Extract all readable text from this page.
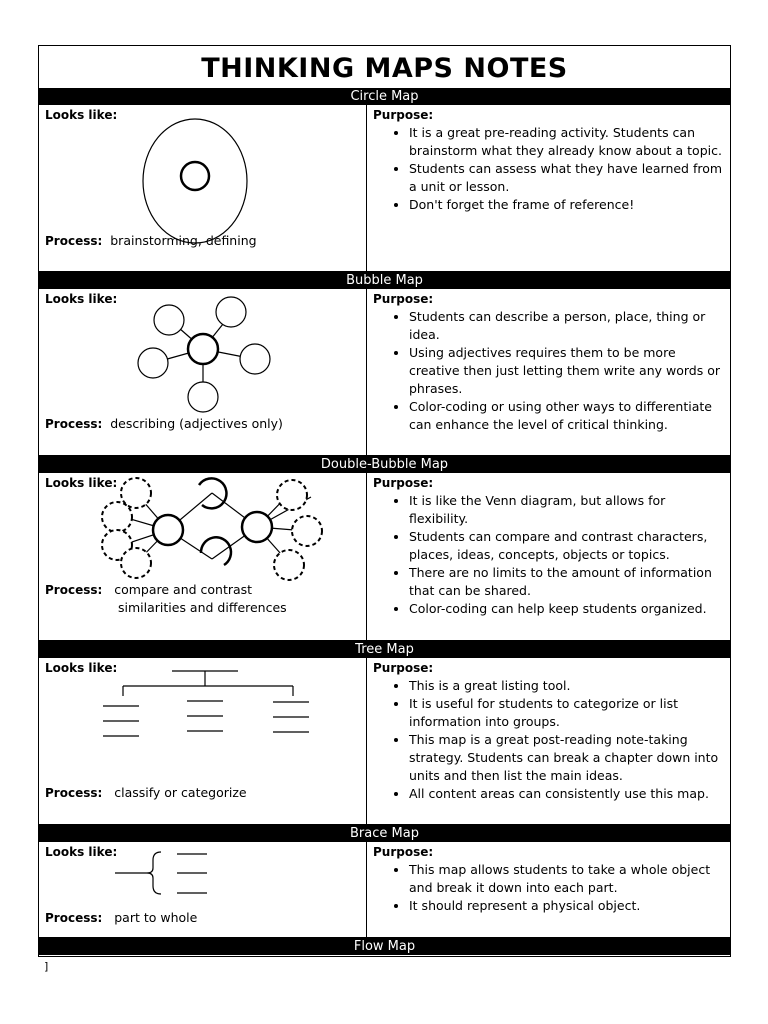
THINKING MAPS NOTES
Circle Map
Looks like:
Process: brainstorming, defining
Purpose:
• It is a great pre-reading activity. Students can brainstorm what they already know about a topic.
• Students can assess what they have learned from a unit or lesson.
• Don't forget the frame of reference!
Bubble Map
Looks like:
Process: describing (adjectives only)
Purpose:
• Students can describe a person, place, thing or idea.
• Using adjectives requires them to be more creative then just letting them write any words or phrases.
• Color-coding or using other ways to differentiate can enhance the level of critical thinking.
Double-Bubble Map
Looks like:
Process: compare and contrast
similarities and differences
Purpose:
• It is like the Venn diagram, but allows for flexibility.
• Students can compare and contrast characters, places, ideas, concepts, objects or topics.
• There are no limits to the amount of information that can be shared.
• Color-coding can help keep students organized.
Tree Map
Looks like:
Process: classify or categorize
Purpose:
• This is a great listing tool.
• It is useful for students to categorize or list information into groups.
• This map is a great post-reading note-taking strategy. Students can break a chapter down into units and then list the main ideas.
• All content areas can consistently use this map.
Brace Map
Looks like:
Process: part to whole
Purpose:
• This map allows students to take a whole object and break it down into each part.
• It should represent a physical object.
Flow Map
]
